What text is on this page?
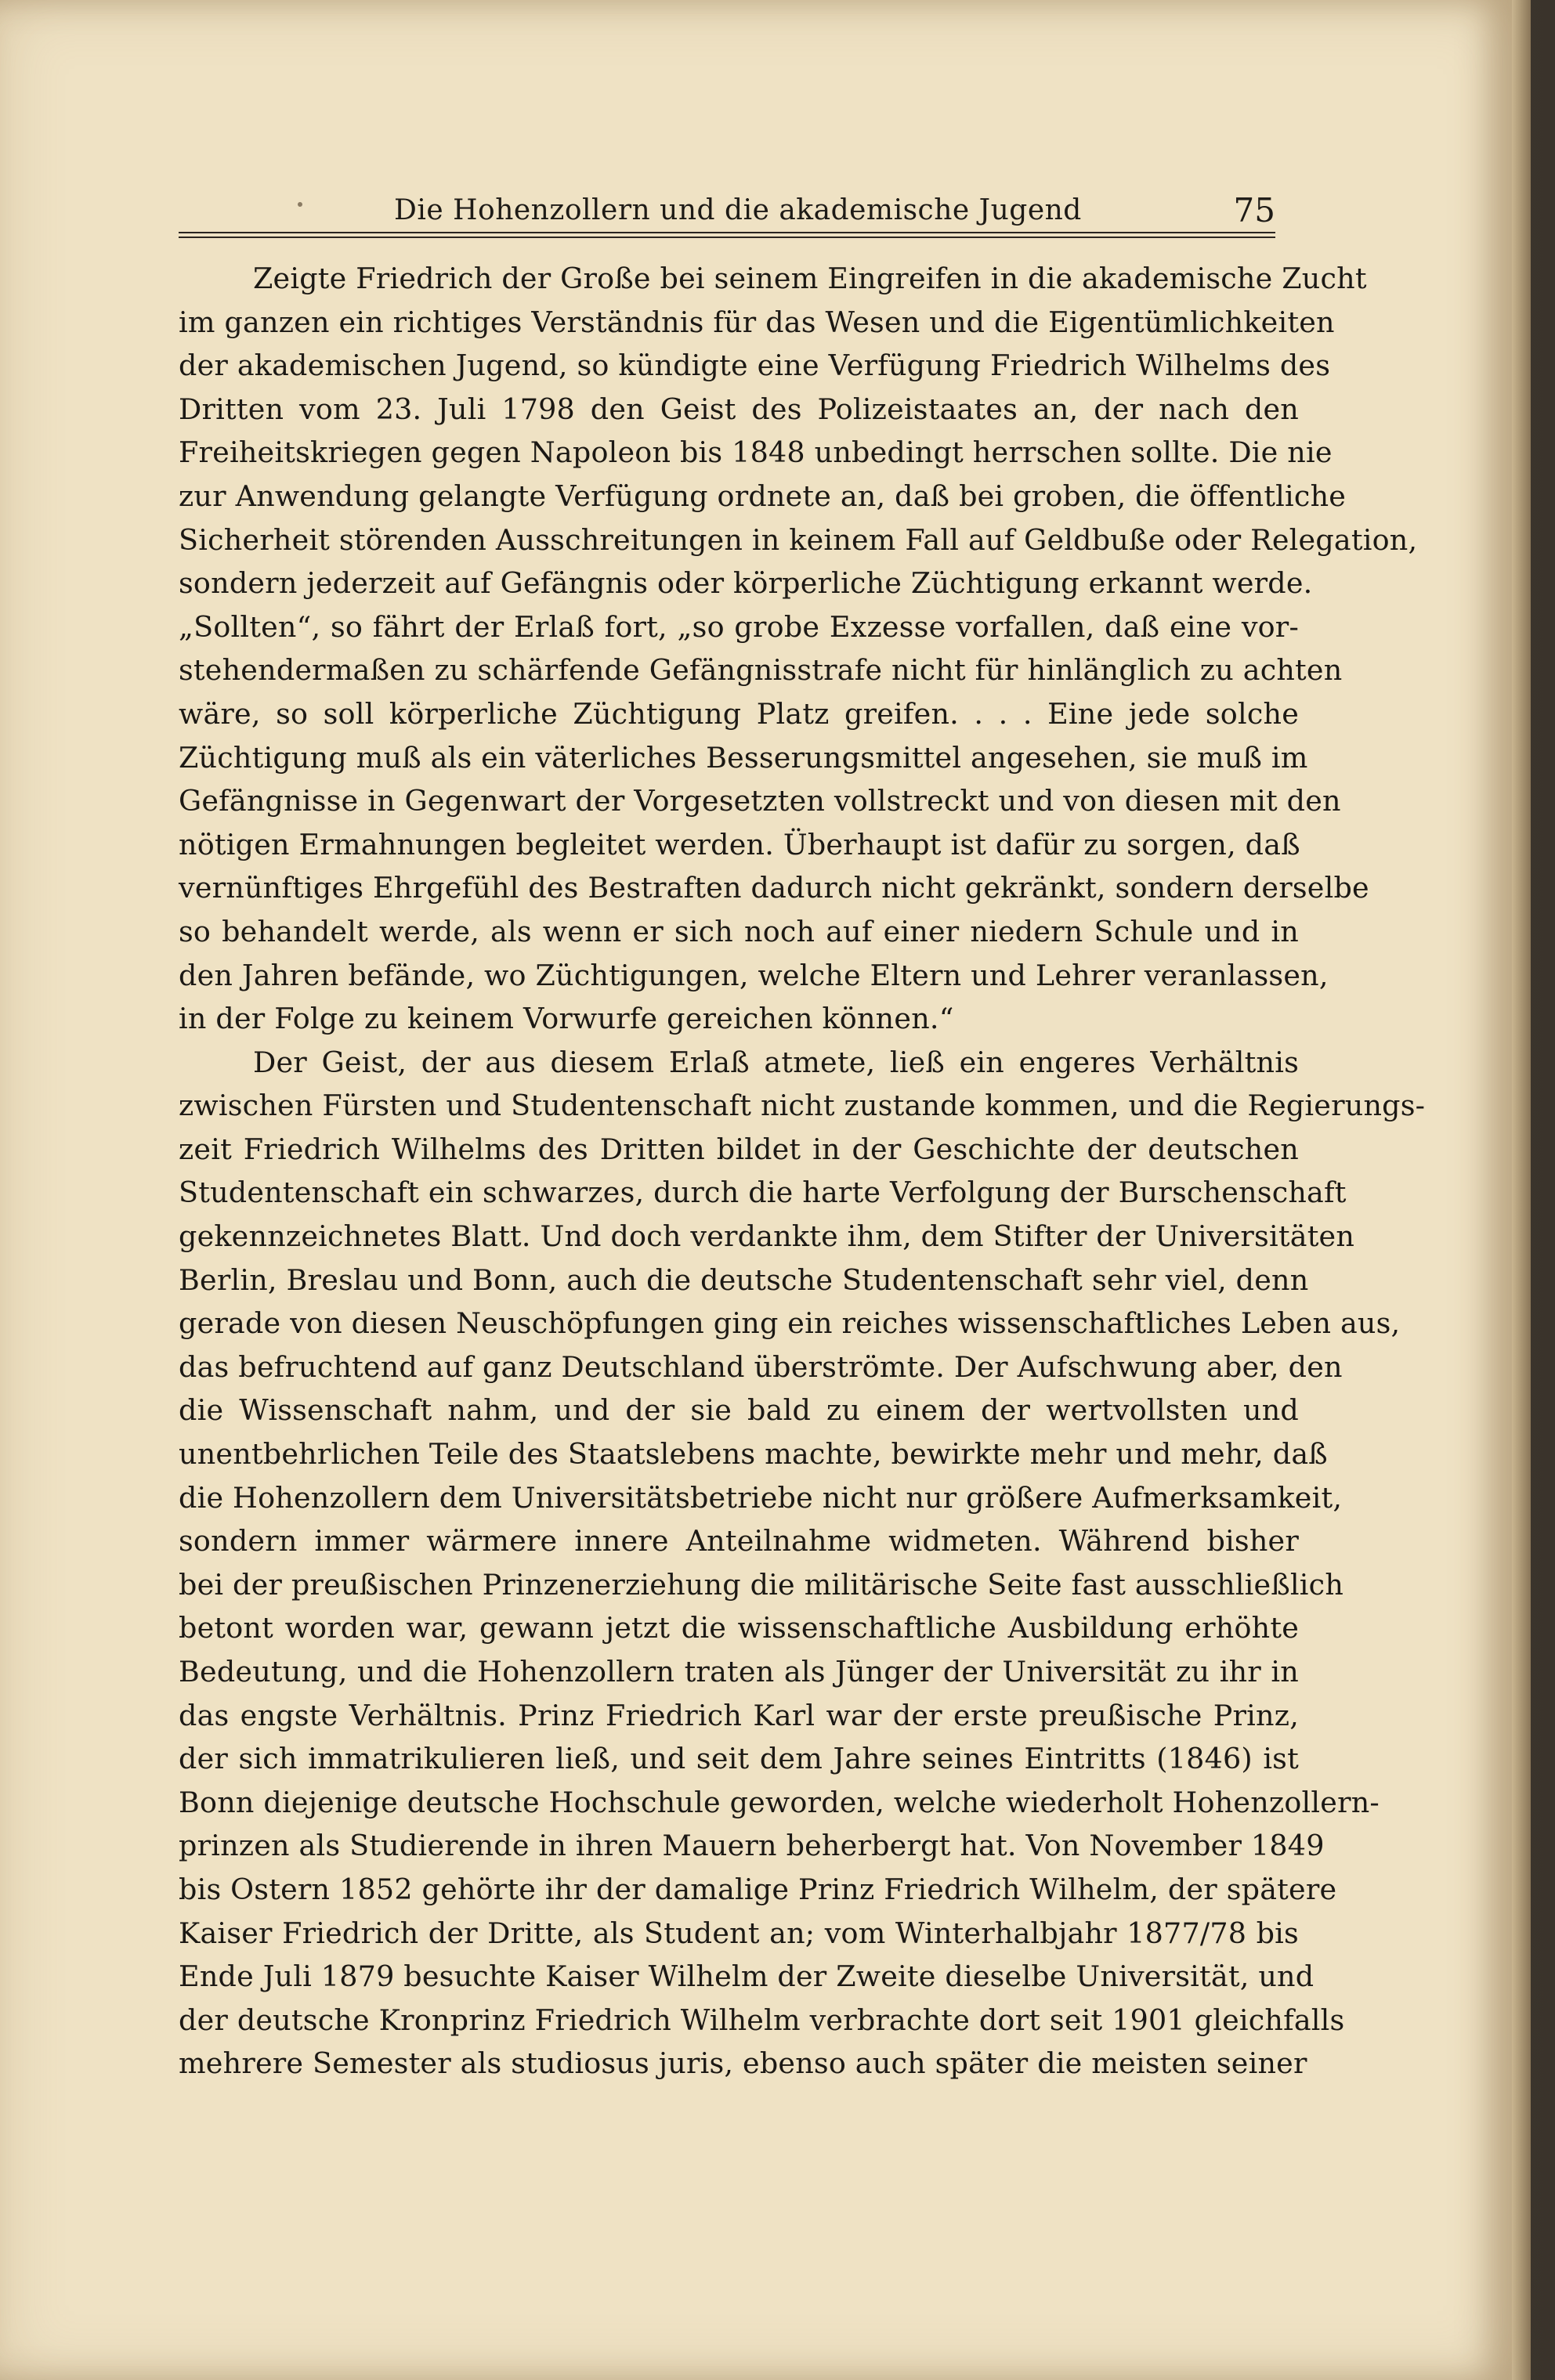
Die Hohenzollern und die akademische Jugend	75
Zeigte Friedrich der Große bei seinem Eingreifen in die akademische Zucht
im ganzen ein richtiges Verständnis für das Wesen und die Eigentümlichkeiten
der akademischen Jugend, so kündigte eine Verfügung Friedrich Wilhelms des
Dritten vom 23. Juli 1798 den Geist des Polizeistaates an, der nach den
Freiheitskriegen gegen Napoleon bis 1848 unbedingt herrschen sollte. Die nie
zur Anwendung gelangte Verfügung ordnete an, daß bei groben, die öffentliche
Sicherheit störenden Ausschreitungen in keinem Fall auf Geldbuße oder Relegation,
sondern jederzeit auf Gefängnis oder körperliche Züchtigung erkannt werde.
„Sollten“, so fährt der Erlaß fort, „so grobe Exzesse vorfallen, daß eine vor-
stehendermaßen zu schärfende Gefängnisstrafe nicht für hinlänglich zu achten
wäre, so soll körperliche Züchtigung Platz greifen. . . . Eine jede solche
Züchtigung muß als ein väterliches Besserungsmittel angesehen, sie muß im
Gefängnisse in Gegenwart der Vorgesetzten vollstreckt und von diesen mit den
nötigen Ermahnungen begleitet werden. Überhaupt ist dafür zu sorgen, daß
vernünftiges Ehrgefühl des Bestraften dadurch nicht gekränkt, sondern derselbe
so behandelt werde, als wenn er sich noch auf einer niedern Schule und in
den Jahren befände, wo Züchtigungen, welche Eltern und Lehrer veranlassen,
in der Folge zu keinem Vorwurfe gereichen können.“
Der Geist, der aus diesem Erlaß atmete, ließ ein engeres Verhältnis
zwischen Fürsten und Studentenschaft nicht zustande kommen, und die Regierungs-
zeit Friedrich Wilhelms des Dritten bildet in der Geschichte der deutschen
Studentenschaft ein schwarzes, durch die harte Verfolgung der Burschenschaft
gekennzeichnetes Blatt. Und doch verdankte ihm, dem Stifter der Universitäten
Berlin, Breslau und Bonn, auch die deutsche Studentenschaft sehr viel, denn
gerade von diesen Neuschöpfungen ging ein reiches wissenschaftliches Leben aus,
das befruchtend auf ganz Deutschland überströmte. Der Aufschwung aber, den
die Wissenschaft nahm, und der sie bald zu einem der wertvollsten und
unentbehrlichen Teile des Staatslebens machte, bewirkte mehr und mehr, daß
die Hohenzollern dem Universitätsbetriebe nicht nur größere Aufmerksamkeit,
sondern immer wärmere innere Anteilnahme widmeten. Während bisher
bei der preußischen Prinzenerziehung die militärische Seite fast ausschließlich
betont worden war, gewann jetzt die wissenschaftliche Ausbildung erhöhte
Bedeutung, und die Hohenzollern traten als Jünger der Universität zu ihr in
das engste Verhältnis. Prinz Friedrich Karl war der erste preußische Prinz,
der sich immatrikulieren ließ, und seit dem Jahre seines Eintritts (1846) ist
Bonn diejenige deutsche Hochschule geworden, welche wiederholt Hohenzollern-
prinzen als Studierende in ihren Mauern beherbergt hat. Von November 1849
bis Ostern 1852 gehörte ihr der damalige Prinz Friedrich Wilhelm, der spätere
Kaiser Friedrich der Dritte, als Student an; vom Winterhalbjahr 1877/78 bis
Ende Juli 1879 besuchte Kaiser Wilhelm der Zweite dieselbe Universität, und
der deutsche Kronprinz Friedrich Wilhelm verbrachte dort seit 1901 gleichfalls
mehrere Semester als studiosus juris, ebenso auch später die meisten seiner
